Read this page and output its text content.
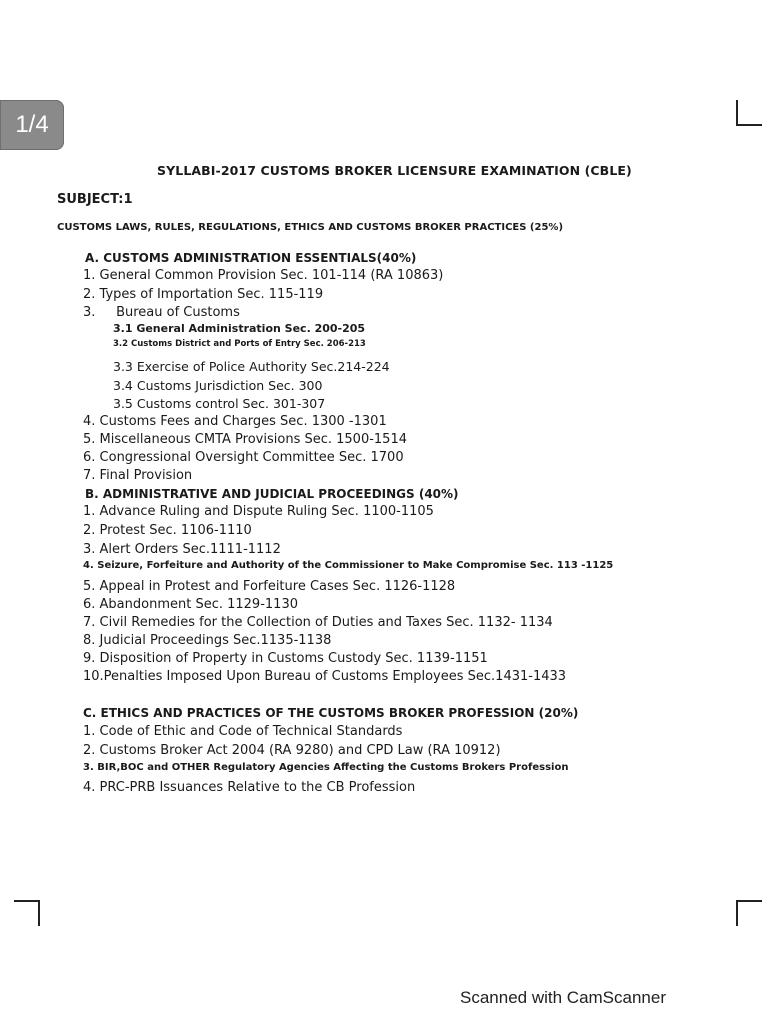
1/4
SYLLABI-2017 CUSTOMS BROKER LICENSURE EXAMINATION (CBLE)
SUBJECT:1
CUSTOMS LAWS, RULES, REGULATIONS, ETHICS AND CUSTOMS BROKER PRACTICES (25%)
A. CUSTOMS ADMINISTRATION ESSENTIALS(40%)
1. General Common Provision Sec. 101-114 (RA 10863)
2. Types of Importation Sec. 115-119
3.     Bureau of Customs
3.1 General Administration Sec. 200-205
3.2 Customs District and Ports of Entry Sec. 206-213
3.3 Exercise of Police Authority Sec.214-224
3.4 Customs Jurisdiction Sec. 300
3.5 Customs control Sec. 301-307
4. Customs Fees and Charges Sec. 1300 -1301
5. Miscellaneous CMTA Provisions Sec. 1500-1514
6. Congressional Oversight Committee Sec. 1700
7. Final Provision
B. ADMINISTRATIVE AND JUDICIAL PROCEEDINGS (40%)
1. Advance Ruling and Dispute Ruling Sec. 1100-1105
2. Protest Sec. 1106-1110
3. Alert Orders Sec.1111-1112
4. Seizure, Forfeiture and Authority of the Commissioner to Make Compromise Sec. 113 -1125
5. Appeal in Protest and Forfeiture Cases Sec. 1126-1128
6. Abandonment Sec. 1129-1130
7. Civil Remedies for the Collection of Duties and Taxes Sec. 1132- 1134
8. Judicial Proceedings Sec.1135-1138
9. Disposition of Property in Customs Custody Sec. 1139-1151
10.Penalties Imposed Upon Bureau of Customs Employees Sec.1431-1433
C. ETHICS AND PRACTICES OF THE CUSTOMS BROKER PROFESSION (20%)
1. Code of Ethic and Code of Technical Standards
2. Customs Broker Act 2004 (RA 9280) and CPD Law (RA 10912)
3. BIR,BOC and OTHER Regulatory Agencies Affecting the Customs Brokers Profession
4. PRC-PRB Issuances Relative to the CB Profession
Scanned with CamScanner
